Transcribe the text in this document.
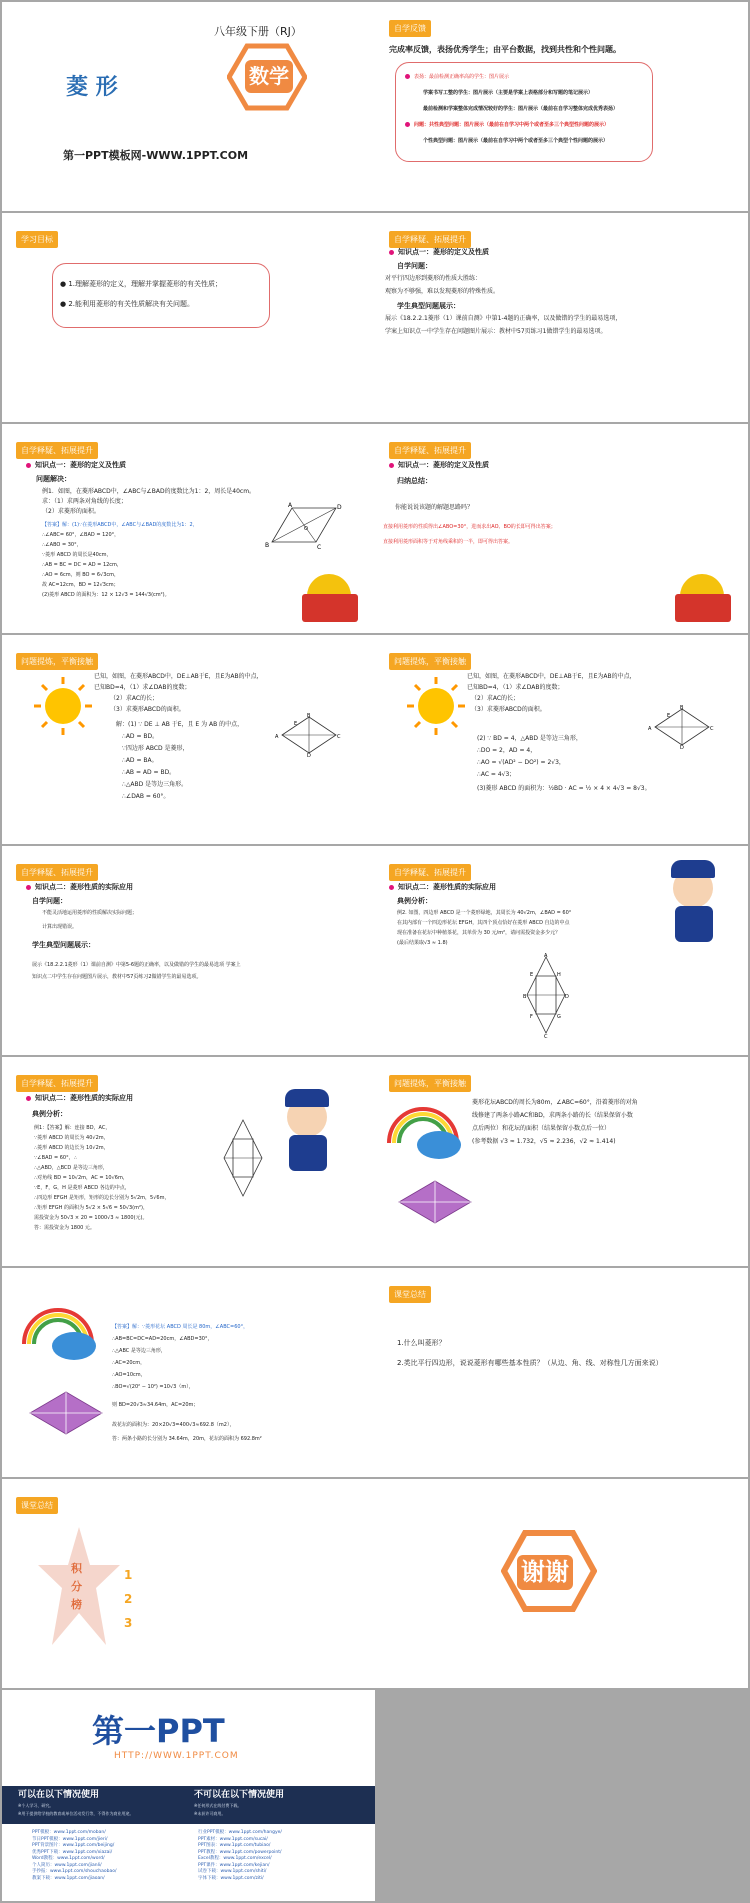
八年级下册（RJ）
菱 形	数学
第一PPT模板网-WWW.1PPT.COM
自学反馈
完成率反馈，表扬优秀学生；由平台数据，找到共性和个性问题。
表扬：最前检测正确率高的学生：图片展示
学案书写工整的学生：图片展示（主要是学案上表格部分和写题的笔记展示）
最前检测和学案整体完成情况较好的学生：图片展示（最前在自学习整体完成优秀表扬）
问题：共性典型问题：图片展示（最前在自学习中两个或者至多三个典型性问题的展示）
个性典型问题：图片展示（最前在自学习中两个或者至多三个典型个性问题的展示）
学习目标
● 1.理解菱形的定义，理解并掌握菱形的有关性质；
● 2.能利用菱形的有关性质解决有关问题。
自学释疑、拓展提升
知识点一：菱形的定义及性质
自学问题：
对平行四边形到菱形的性质大胜练：
观察为不够强，难以发现菱形的特殊性质。
学生典型问题展示：
展示《18.2.2.1菱形（1）课前自测》中第1-4题的正确率，以及做错的学生的最易选项，
学案上知识点一中学生存在问题图片展示：教材中57页练习1做错学生的最易选项。
自学释疑、拓展提升
知识点一：菱形的定义及性质
问题解决：
例1．如图，在菱形ABCD中，∠ABC与∠BAD的度数比为1：2，周长是40cm。
求：（1）求两条对角线的长度；
（2）求菱形的面积。
【答案】解：(1)∵在菱形ABCD中，∠ABC与∠BAD的度数比为1：2，
∴∠ABC= 60°，∠BAD = 120°，
∴∠ABO = 30°，
∵菱形 ABCD 的周长是40cm，
∴AB = BC = DC = AD = 12cm，
∴AO = 6cm，则 BO = 6√3cm，
故 AC=12cm，BD = 12√3cm；
(2)菱形 ABCD 的面积为：12 × 12√3 = 144√3(cm²)。
A	D
B	C
O
自学释疑、拓展提升
知识点一：菱形的定义及性质
归纳总结：
你能说说该题的解题思路吗？
直接利用菱形的性质得出∠ABO=30°，进而求出AO、BO的长即可得出答案；
直接利用菱形面积等于对角线乘积的一半，即可得出答案。
问题提炼，平衡接触
已知，如图，在菱形ABCD中，DE⊥AB于E，且E为AB的中点，
已知BD=4，（1）求∠DAB的度数；
（2）求AC的长；
（3）求菱形ABCD的面积。
解：(1) ∵ DE ⊥ AB 于E，且 E 为 AB 的中点，
∴AD = BD。
∵四边形 ABCD 是菱形，
∴AD = BA。
∴AB = AD = BD。
∴△ABD 是等边三角形。
∴∠DAB = 60°。
A
B
C
D
E
问题提炼，平衡接触
已知，如图，在菱形ABCD中，DE⊥AB于E，且E为AB的中点，
已知BD=4，（1）求∠DAB的度数；
（2）求AC的长；
（3）求菱形ABCD的面积。
(2) ∵ BD = 4，△ABD 是等边三角形，
∴DO = 2，AD = 4，
∴AO = √(AD² − DO²) = 2√3，
∴AC = 4√3；
(3)菱形 ABCD 的面积为：½BD · AC = ½ × 4 × 4√3 = 8√3。
A
B
C
D
E
自学释疑、拓展提升
知识点二：菱形性质的实际应用
自学问题：
不能灵活地运用菱形的性质解决实际问题；
计算出现错误。
学生典型问题展示：
展示《18.2.2.1菱形（1）课前自测》中第5-6题的正确率，以及做错的学生的最易选项 学案上
知识点二中学生存在问题图片展示，教材中57页练习2做错学生的最易选项。
自学释疑、拓展提升
知识点二：菱形性质的实际应用
典例分析：
例2. 如图，四边形 ABCD 是一个菱形绿地，其周长为 40√2m，∠BAD = 60°
在其内部有一个四边形花坛 EFGH，其四个顶点恰好在菱形 ABCD 自边的中点
现在准备在花坛中种植茶花，其单价为 30 元/m²，请问需投资金多少元？
(最后结果取√3 ≈ 1.8)
A
B
C
D
E
F	G
H
自学释疑、拓展提升
知识点二：菱形性质的实际应用
典例分析：
例1：【答案】解：连接 BD，AC，
∵菱形 ABCD 的周长为 40√2m，
∴菱形 ABCD 的边长为 10√2m，
∵∠BAD = 60°，∴
∴△ABD，△BCD 是等边三角形，
∴对角线 BD = 10√2m，AC = 10√6m，
∵E，F，G，H 是菱形 ABCD 各边的中点，
∴四边形 EFGH 是矩形，矩形的边长分别为 5√2m，5√6m，
∴矩形 EFGH 的面积为 5√2 × 5√6 = 50√3(m²)，
需投资金为 50√3 × 20 = 1000√3 ≈ 1800(元)。
答：需投资金为 1800 元。
问题提炼，平衡接触
菱形花坛ABCD的周长为80m，∠ABC=60°，沿着菱形的对角
线修建了两条小路AC和BD，求两条小路的长（结果保留小数
点后两位）和花坛的面积（结果保留小数点后一位）
(参考数据 √3 ≈ 1.732，√5 ≈ 2.236，√2 ≈ 1.414)
【答案】解：∵菱形花坛 ABCD 周长是 80m，∠ABC=60°，
∴AB=BC=DC=AD=20cm，∠ABD=30°，
∴△ABC 是等边三角形，
∴AC=20cm，
∴AO=10cm，
∴BO=√(20² − 10²) =10√3（m），
则 BD=20√3≈34.64m，AC=20m；
故花坛的面积为：20×20√3=400√3≈692.8（m2），
答：两条小路的长分别为 34.64m，20m，花坛的面积为 692.8m²
课堂总结
1.什么叫菱形？
2.类比平行四边形，说说菱形有哪些基本性质？（从边、角、线、对称性几方面来说）
课堂总结
积
分
榜
1
2
3
谢谢
第一PPT
HTTP://WWW.1PPT.COM
可以在以下情况使用	不可以在以下情况使用
※个人学习、研究。
※用于提供给学校的教育或单位活动发行等，不得作为商业用途。
※任何形式在线付费下载。
※未获许可商用。
PPT模板：www.1ppt.com/moban/
节日PPT模板：www.1ppt.com/jieri/
PPT背景图片：www.1ppt.com/beijing/
优秀PPT下载：www.1ppt.com/xiazai/
Word教程：www.1ppt.com/word/
个人简历：www.1ppt.com/jianli/
手抄报：www.1ppt.com/shouchaobao/
教案下载：www.1ppt.com/jiaoan/
行业PPT模板：www.1ppt.com/hangye/
PPT素材：www.1ppt.com/sucai/
PPT图表：www.1ppt.com/tubiao/
PPT教程：www.1ppt.com/powerpoint/
Excel教程：www.1ppt.com/excel/
PPT课件：www.1ppt.com/kejian/
试卷下载：www.1ppt.com/shiti/
字体下载：www.1ppt.com/ziti/
